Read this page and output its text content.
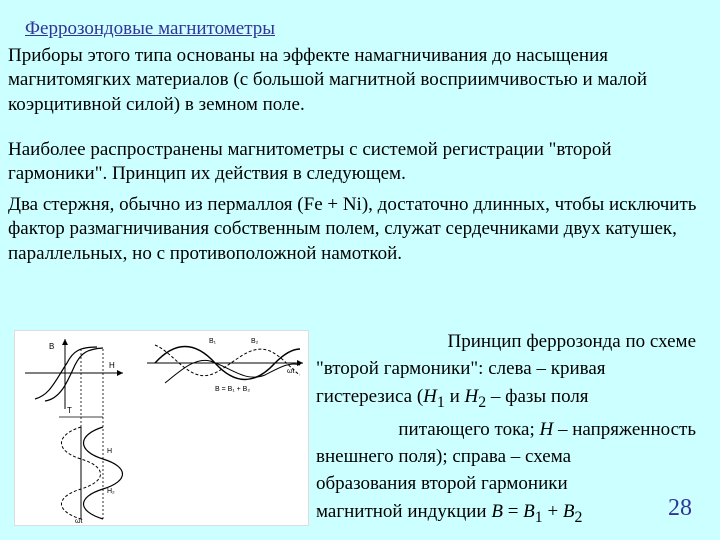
Феррозондовые магнитометры

Приборы этого типа основаны на эффекте намагничивания до насыщения магнитомягких материалов (с большой магнитной восприимчивостью и малой коэрцитивной силой) в земном поле.

Наиболее распространены магнитометры с системой регистрации "второй гармоники". Принцип их действия в следующем.

Два стержня, обычно из пермаллоя (Fe + Ni), достаточно длинных, чтобы исключить фактор размагничивания собственным полем, служат сердечниками двух катушек, параллельных, но с противоположной намоткой.

B
H
T
H
H₂
ωt
ωt
B₁	B₂
B = B₁ + B₂
Принцип феррозонда по схеме
"второй гармоники": слева – кривая
гистерезиса ($H_1$ и $H_2$ – фазы поля
питающего тока; H – напряженность
внешнего поля); справа – схема
образования второй гармоники
магнитной индукции $B = B_1 + B_2$	28
